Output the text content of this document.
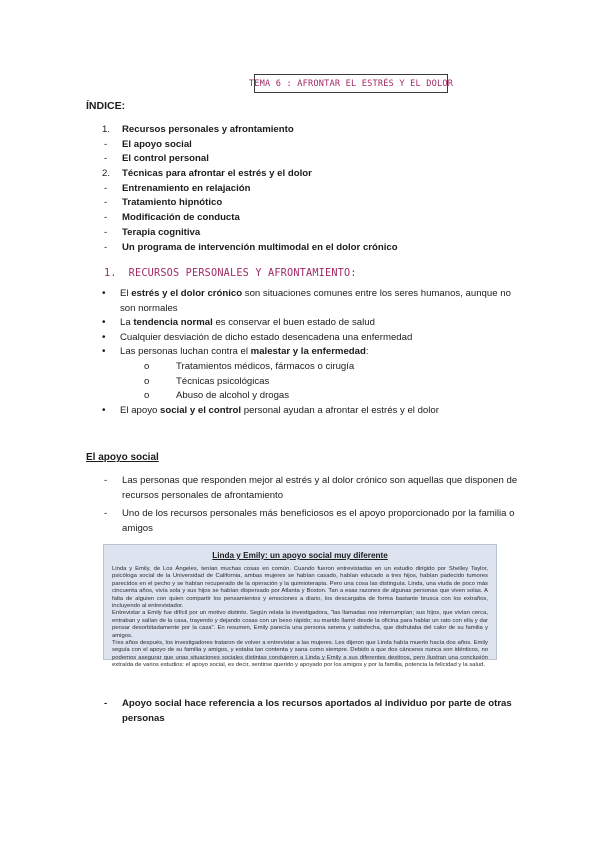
TEMA 6 : AFRONTAR EL ESTRÉS Y EL DOLOR

ÍNDICE:

1. Recursos personales y afrontamiento
- El apoyo social
- El control personal
2. Técnicas para afrontar el estrés y el dolor
- Entrenamiento en relajación
- Tratamiento hipnótico
- Modificación de conducta
- Terapia cognitiva
- Un programa de intervención multimodal en el dolor crónico
1. RECURSOS PERSONALES Y AFRONTAMIENTO:
• El estrés y el dolor crónico son situaciones comunes entre los seres humanos, aunque no son normales
• La tendencia normal es conservar el buen estado de salud
• Cualquier desviación de dicho estado desencadena una enfermedad
• Las personas luchan contra el malestar y la enfermedad:
o	Tratamientos médicos, fármacos o cirugía
o	Técnicas psicológicas
o	Abuso de alcohol y drogas
• El apoyo social y el control personal ayudan a afrontar el estrés y el dolor
El apoyo social
- Las personas que responden mejor al estrés y al dolor crónico son aquellas que disponen de recursos personales de afrontamiento
- Uno de los recursos personales más beneficiosos es el apoyo proporcionado por la familia o amigos
Linda y Emily: un apoyo social muy diferente

Linda y Emily, de Los Ángeles, tenían muchas cosas en común. Cuando fueron entrevistadas en un estudio dirigido por Shelley Taylor, psicóloga social de la Universidad de California, ambas mujeres se habían casado, habían educado a tres hijos, habían padecido tumores parecidos en el pecho y se habían recuperado de la operación y la quimioterapia. Pero una cosa las distinguía. Linda, una viuda de poco más cincuenta años, vivía sola y sus hijos se habían dispersado por Atlanta y Boston. Tan a esas razones de algunas personas que viven solas. A falta de alguien con quien compartir los pensamientos y emociones a diario, los descargaba de forma bastante brusca con los extraños, incluyendo al entrevistador.

Entrevistar a Emily fue difícil por un motivo distinto. Según relata la investigadora, "las llamadas nos interrumpían; sus hijos, que vivían cerca, entraban y salían de la casa, trayendo y dejando cosas con un beso rápido; su marido llamó desde la oficina para hablar un rato con ella y dar pensar desorbitadamente por la casa". En resumen, Emily parecía una persona serena y satisfecha, que disfrutaba del calor de su familia y amigos.

Tres años después, los investigadores trataron de volver a entrevistar a las mujeres. Les dijeron que Linda había muerto hacía dos años. Emily seguía con el apoyo de su familia y amigos, y estaba tan contenta y sana como siempre. Debido a que dos cánceres nunca son idénticos, no podemos asegurar que unas situaciones sociales distintas condujeron a Linda y Emily a sus diferentes destinos, pero ilustran una conclusión extraída de varios estudios: el apoyo social, es decir, sentirse querido y apoyado por los amigos y por la familia, potencia la felicidad y la salud.

- Apoyo social hace referencia a los recursos aportados al individuo por parte de otras personas
